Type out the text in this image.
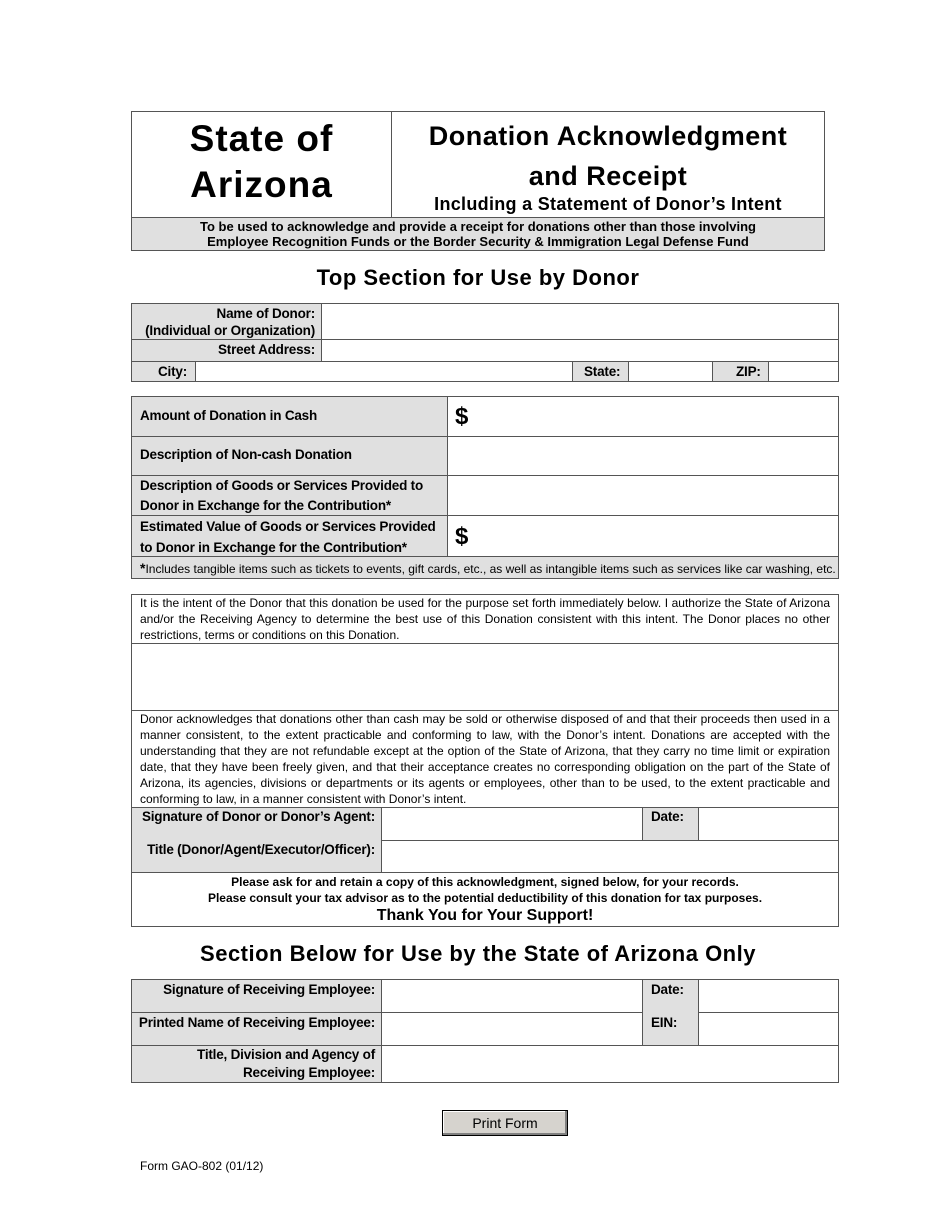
State of Arizona
Donation Acknowledgment
and Receipt
Including a Statement of Donor’s Intent
To be used to acknowledge and provide a receipt for donations other than those involving
Employee Recognition Funds or the Border Security & Immigration Legal Defense Fund
Top Section for Use by Donor
Name of Donor:
(Individual or Organization)
Street Address:
City:	State:	ZIP:
Amount of Donation in Cash	$
Description of Non-cash Donation
Description of Goods or Services Provided to
Donor in Exchange for the Contribution*
Estimated Value of Goods or Services Provided
to Donor in Exchange for the Contribution*	$
*Includes tangible items such as tickets to events, gift cards, etc., as well as intangible items such as services like car washing, etc.
It is the intent of the Donor that this donation be used for the purpose set forth immediately below. I authorize the State of Arizona and/or the Receiving Agency to determine the best use of this Donation consistent with this intent. The Donor places no other restrictions, terms or conditions on this Donation.
Donor acknowledges that donations other than cash may be sold or otherwise disposed of and that their proceeds then used in a manner consistent, to the extent practicable and conforming to law, with the Donor’s intent. Donations are accepted with the understanding that they are not refundable except at the option of the State of Arizona, that they carry no time limit or expiration date, that they have been freely given, and that their acceptance creates no corresponding obligation on the part of the State of Arizona, its agencies, divisions or departments or its agents or employees, other than to be used, to the extent practicable and conforming to law, in a manner consistent with Donor’s intent.
Signature of Donor or Donor’s Agent:	Date:
Title (Donor/Agent/Executor/Officer):
Please ask for and retain a copy of this acknowledgment, signed below, for your records.
Please consult your tax advisor as to the potential deductibility of this donation for tax purposes.
Thank You for Your Support!
Section Below for Use by the State of Arizona Only
Signature of Receiving Employee:	Date:
Printed Name of Receiving Employee:	EIN:
Title, Division and Agency of
Receiving Employee:
Print Form
Form GAO-802 (01/12)
